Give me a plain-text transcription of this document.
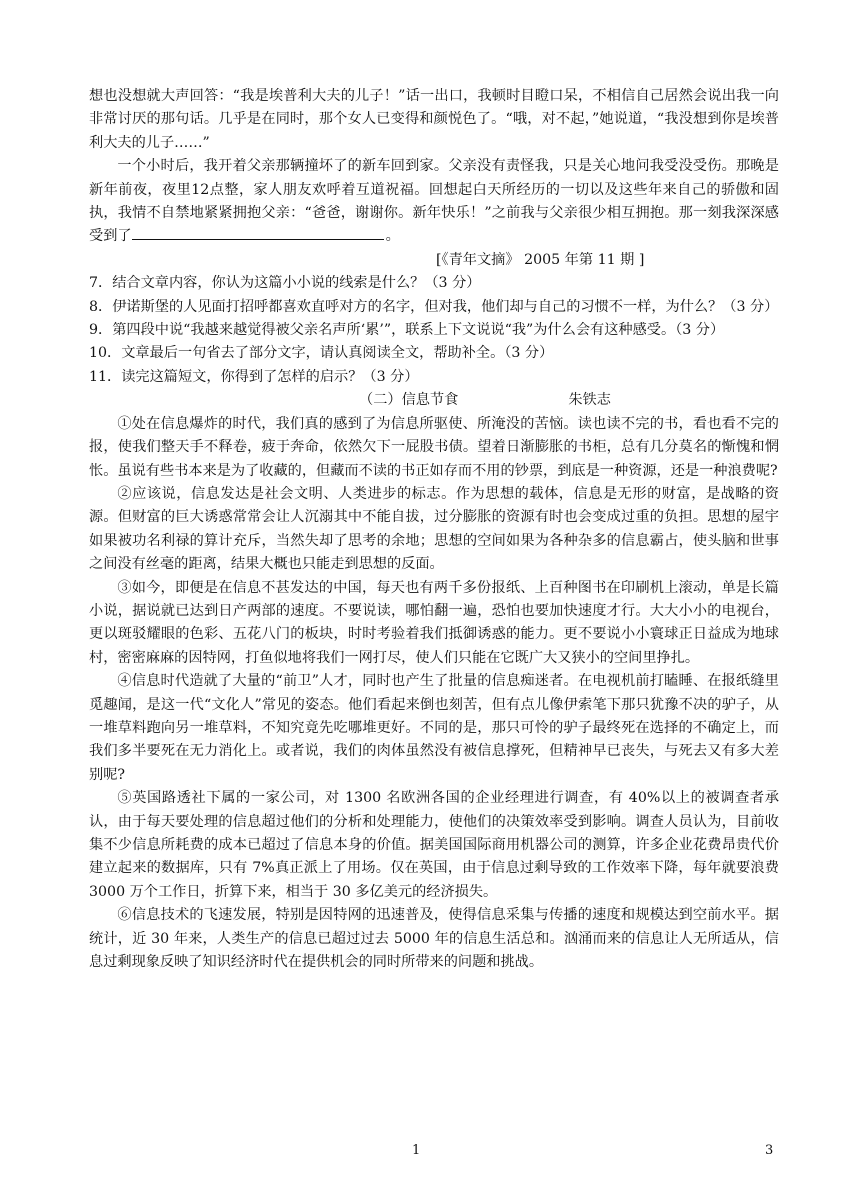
想也没想就大声回答：“我是埃普利大夫的儿子！”话一出口，我顿时目瞪口呆，不相信自己居然会说出我一向非常讨厌的那句话。几乎是在同时，那个女人已变得和颜悦色了。“哦，对不起，”她说道，“我没想到你是埃普利大夫的儿子……”

一个小时后，我开着父亲那辆撞坏了的新车回到家。父亲没有责怪我，只是关心地问我受没受伤。那晚是新年前夜，夜里12点整，家人朋友欢呼着互道祝福。回想起白天所经历的一切以及这些年来自己的骄傲和固执，我情不自禁地紧紧拥抱父亲：“爸爸，谢谢你。新年快乐！”之前我与父亲很少相互拥抱。那一刻我深深感受到了	。

[《青年文摘》 2005 年第 11 期 ]

7．结合文章内容，你认为这篇小小说的线索是什么？（3 分）

8．伊诺斯堡的人见面打招呼都喜欢直呼对方的名字，但对我，他们却与自己的习惯不一样，为什么？（3 分）

9．第四段中说“我越来越觉得被父亲名声所‘累’”，联系上下文说说“我”为什么会有这种感受。（3 分）

10．文章最后一句省去了部分文字，请认真阅读全文，帮助补全。（3 分）

11．读完这篇短文，你得到了怎样的启示？（3 分）

（二）信息节食	朱铁志

①处在信息爆炸的时代，我们真的感到了为信息所驱使、所淹没的苦恼。读也读不完的书，看也看不完的报，使我们整天手不释卷，疲于奔命，依然欠下一屁股书债。望着日渐膨胀的书柜，总有几分莫名的惭愧和惘怅。虽说有些书本来是为了收藏的，但藏而不读的书正如存而不用的钞票，到底是一种资源，还是一种浪费呢?

②应该说，信息发达是社会文明、人类进步的标志。作为思想的载体，信息是无形的财富，是战略的资源。但财富的巨大诱惑常常会让人沉溺其中不能自拔，过分膨胀的资源有时也会变成过重的负担。思想的屋宇如果被功名利禄的算计充斥，当然失却了思考的余地；思想的空间如果为各种杂多的信息霸占，使头脑和世事之间没有丝毫的距离，结果大概也只能走到思想的反面。

③如今，即便是在信息不甚发达的中国，每天也有两千多份报纸、上百种图书在印刷机上滚动，单是长篇小说，据说就已达到日产两部的速度。不要说读，哪怕翻一遍，恐怕也要加快速度才行。大大小小的电视台，更以斑驳耀眼的色彩、五花八门的板块，时时考验着我们抵御诱惑的能力。更不要说小小寰球正日益成为地球村，密密麻麻的因特网，打鱼似地将我们一网打尽，使人们只能在它既广大又狭小的空间里挣扎。

④信息时代造就了大量的“前卫”人才，同时也产生了批量的信息痴迷者。在电视机前打瞌睡、在报纸缝里觅趣闻，是这一代“文化人”常见的姿态。他们看起来倒也刻苦，但有点儿像伊索笔下那只犹豫不决的驴子，从一堆草料跑向另一堆草料，不知究竟先吃哪堆更好。不同的是，那只可怜的驴子最终死在选择的不确定上，而我们多半要死在无力消化上。或者说，我们的肉体虽然没有被信息撑死，但精神早已丧失，与死去又有多大差别呢?

⑤英国路透社下属的一家公司，对 1300 名欧洲各国的企业经理进行调查，有 40%以上的被调查者承认，由于每天要处理的信息超过他们的分析和处理能力，使他们的决策效率受到影响。调查人员认为，目前收集不少信息所耗费的成本已超过了信息本身的价值。据美国国际商用机器公司的测算，许多企业花费昂贵代价建立起来的数据库，只有 7%真正派上了用场。仅在英国，由于信息过剩导致的工作效率下降，每年就要浪费 3000 万个工作日，折算下来，相当于 30 多亿美元的经济损失。

⑥信息技术的飞速发展，特别是因特网的迅速普及，使得信息采集与传播的速度和规模达到空前水平。据统计，近 30 年来，人类生产的信息已超过过去 5000 年的信息生活总和。汹涌而来的信息让人无所适从，信息过剩现象反映了知识经济时代在提供机会的同时所带来的问题和挑战。

1	3
